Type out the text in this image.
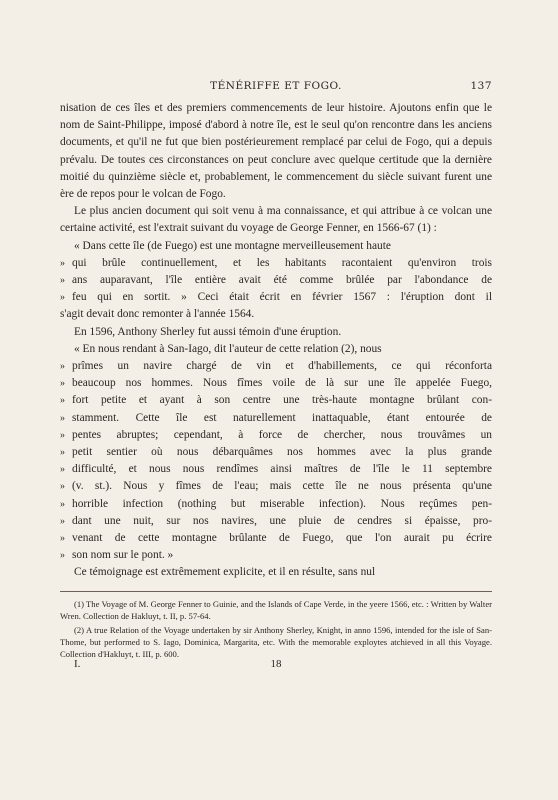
TÉNÉRIFFE ET FOGO.	137

nisation de ces îles et des premiers commencements de leur histoire. Ajoutons enfin que le nom de Saint-Philippe, imposé d'abord à notre île, est le seul qu'on rencontre dans les anciens documents, et qu'il ne fut que bien postérieurement remplacé par celui de Fogo, qui a depuis prévalu. De toutes ces circonstances on peut conclure avec quelque certitude que la dernière moitié du quinzième siècle et, probablement, le commencement du siècle suivant furent une ère de repos pour le volcan de Fogo.

Le plus ancien document qui soit venu à ma connaissance, et qui attribue à ce volcan une certaine activité, est l'extrait suivant du voyage de George Fenner, en 1566-67 (1) :

« Dans cette île (de Fuego) est une montagne merveilleusement haute

» qui brûle continuellement, et les habitants racontaient qu'environ trois
» ans auparavant, l'île entière avait été comme brûlée par l'abondance de
» feu qui en sortit. » Ceci était écrit en février 1567 : l'éruption dont il

s'agit devait donc remonter à l'année 1564.

En 1596, Anthony Sherley fut aussi témoin d'une éruption.

« En nous rendant à San-Iago, dit l'auteur de cette relation (2), nous

» prîmes un navire chargé de vin et d'habillements, ce qui réconforta
» beaucoup nos hommes. Nous fîmes voile de là sur une île appelée Fuego,
» fort petite et ayant à son centre une très-haute montagne brûlant con-
» stamment. Cette île est naturellement inattaquable, étant entourée de
» pentes abruptes; cependant, à force de chercher, nous trouvâmes un
» petit sentier où nous débarquâmes nos hommes avec la plus grande
» difficulté, et nous nous rendîmes ainsi maîtres de l'île le 11 septembre
» (v. st.). Nous y fîmes de l'eau; mais cette île ne nous présenta qu'une
» horrible infection (nothing but miserable infection). Nous reçûmes pen-
» dant une nuit, sur nos navires, une pluie de cendres si épaisse, pro-
» venant de cette montagne brûlante de Fuego, que l'on aurait pu écrire
» son nom sur le pont. »

Ce témoignage est extrêmement explicite, et il en résulte, sans nul

(1) The Voyage of M. George Fenner to Guinie, and the Islands of Cape Verde, in the yeere 1566, etc. : Written by Walter Wren. Collection de Hakluyt, t. II, p. 57-64.

(2) A true Relation of the Voyage undertaken by sir Anthony Sherley, Knight, in anno 1596, intended for the isle of San-Thome, but performed to S. Iago, Dominica, Margarita, etc. With the memorable exploytes atchieved in all this Voyage. Collection d'Hakluyt, t. III, p. 600.

I.	18
